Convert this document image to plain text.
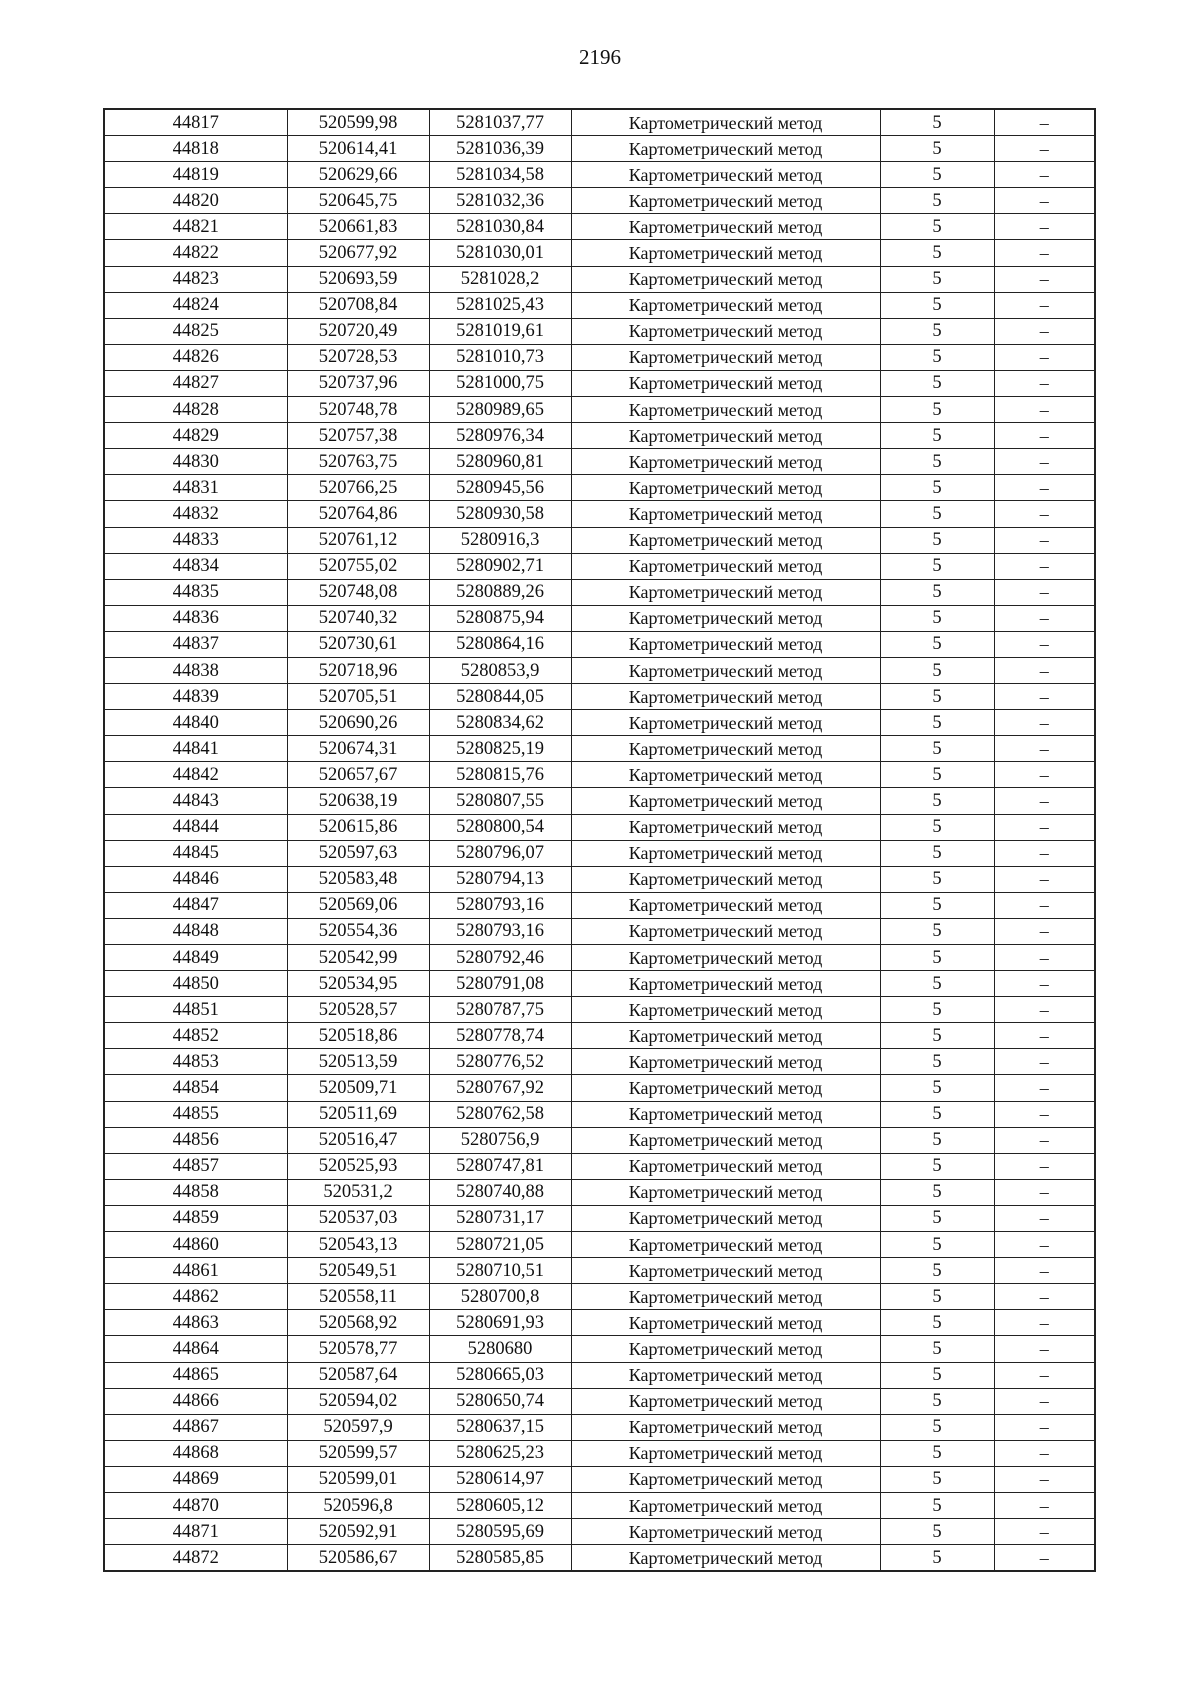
2196
44817	520599,98	5281037,77	Картометрический метод	5	–
44818	520614,41	5281036,39	Картометрический метод	5	–
44819	520629,66	5281034,58	Картометрический метод	5	–
44820	520645,75	5281032,36	Картометрический метод	5	–
44821	520661,83	5281030,84	Картометрический метод	5	–
44822	520677,92	5281030,01	Картометрический метод	5	–
44823	520693,59	5281028,2	Картометрический метод	5	–
44824	520708,84	5281025,43	Картометрический метод	5	–
44825	520720,49	5281019,61	Картометрический метод	5	–
44826	520728,53	5281010,73	Картометрический метод	5	–
44827	520737,96	5281000,75	Картометрический метод	5	–
44828	520748,78	5280989,65	Картометрический метод	5	–
44829	520757,38	5280976,34	Картометрический метод	5	–
44830	520763,75	5280960,81	Картометрический метод	5	–
44831	520766,25	5280945,56	Картометрический метод	5	–
44832	520764,86	5280930,58	Картометрический метод	5	–
44833	520761,12	5280916,3	Картометрический метод	5	–
44834	520755,02	5280902,71	Картометрический метод	5	–
44835	520748,08	5280889,26	Картометрический метод	5	–
44836	520740,32	5280875,94	Картометрический метод	5	–
44837	520730,61	5280864,16	Картометрический метод	5	–
44838	520718,96	5280853,9	Картометрический метод	5	–
44839	520705,51	5280844,05	Картометрический метод	5	–
44840	520690,26	5280834,62	Картометрический метод	5	–
44841	520674,31	5280825,19	Картометрический метод	5	–
44842	520657,67	5280815,76	Картометрический метод	5	–
44843	520638,19	5280807,55	Картометрический метод	5	–
44844	520615,86	5280800,54	Картометрический метод	5	–
44845	520597,63	5280796,07	Картометрический метод	5	–
44846	520583,48	5280794,13	Картометрический метод	5	–
44847	520569,06	5280793,16	Картометрический метод	5	–
44848	520554,36	5280793,16	Картометрический метод	5	–
44849	520542,99	5280792,46	Картометрический метод	5	–
44850	520534,95	5280791,08	Картометрический метод	5	–
44851	520528,57	5280787,75	Картометрический метод	5	–
44852	520518,86	5280778,74	Картометрический метод	5	–
44853	520513,59	5280776,52	Картометрический метод	5	–
44854	520509,71	5280767,92	Картометрический метод	5	–
44855	520511,69	5280762,58	Картометрический метод	5	–
44856	520516,47	5280756,9	Картометрический метод	5	–
44857	520525,93	5280747,81	Картометрический метод	5	–
44858	520531,2	5280740,88	Картометрический метод	5	–
44859	520537,03	5280731,17	Картометрический метод	5	–
44860	520543,13	5280721,05	Картометрический метод	5	–
44861	520549,51	5280710,51	Картометрический метод	5	–
44862	520558,11	5280700,8	Картометрический метод	5	–
44863	520568,92	5280691,93	Картометрический метод	5	–
44864	520578,77	5280680	Картометрический метод	5	–
44865	520587,64	5280665,03	Картометрический метод	5	–
44866	520594,02	5280650,74	Картометрический метод	5	–
44867	520597,9	5280637,15	Картометрический метод	5	–
44868	520599,57	5280625,23	Картометрический метод	5	–
44869	520599,01	5280614,97	Картометрический метод	5	–
44870	520596,8	5280605,12	Картометрический метод	5	–
44871	520592,91	5280595,69	Картометрический метод	5	–
44872	520586,67	5280585,85	Картометрический метод	5	–
